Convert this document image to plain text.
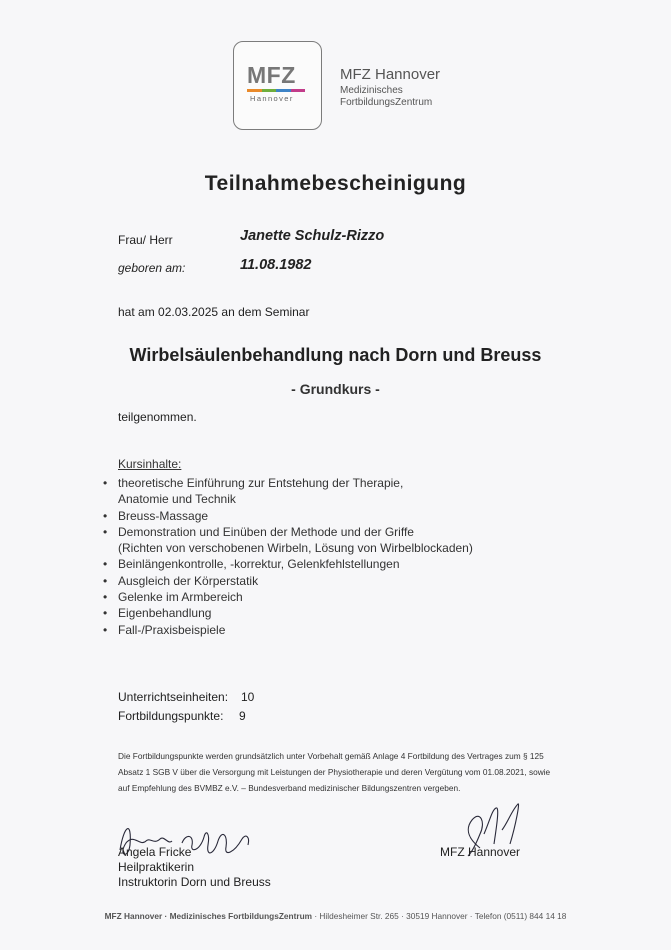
MFZ
Hannover
MFZ Hannover
Medizinisches
FortbildungsZentrum
Teilnahmebescheinigung
Frau/ Herr	Janette Schulz-Rizzo
geboren am:	11.08.1982
hat am 02.03.2025 an dem Seminar
Wirbelsäulenbehandlung nach Dorn und Breuss
- Grundkurs -
teilgenommen.
Kursinhalte:
• theoretische Einführung zur Entstehung der Therapie,
Anatomie und Technik
• Breuss-Massage
• Demonstration und Einüben der Methode und der Griffe
(Richten von verschobenen Wirbeln, Lösung von Wirbelblockaden)
• Beinlängenkontrolle, -korrektur, Gelenkfehlstellungen
• Ausgleich der Körperstatik
• Gelenke im Armbereich
• Eigenbehandlung
• Fall-/Praxisbeispiele
Unterrichtseinheiten: 10
Fortbildungspunkte: 9
Die Fortbildungspunkte werden grundsätzlich unter Vorbehalt gemäß Anlage 4 Fortbildung des Vertrages zum § 125
Absatz 1 SGB V über die Versorgung mit Leistungen der Physiotherapie und deren Vergütung vom 01.08.2021, sowie
auf Empfehlung des BVMBZ e.V. – Bundesverband medizinischer Bildungszentren vergeben.
Angela Fricke
Heilpraktikerin
Instruktorin Dorn und Breuss
MFZ Hannover
MFZ Hannover · Medizinisches FortbildungsZentrum · Hildesheimer Str. 265 · 30519 Hannover · Telefon (0511) 844 14 18
